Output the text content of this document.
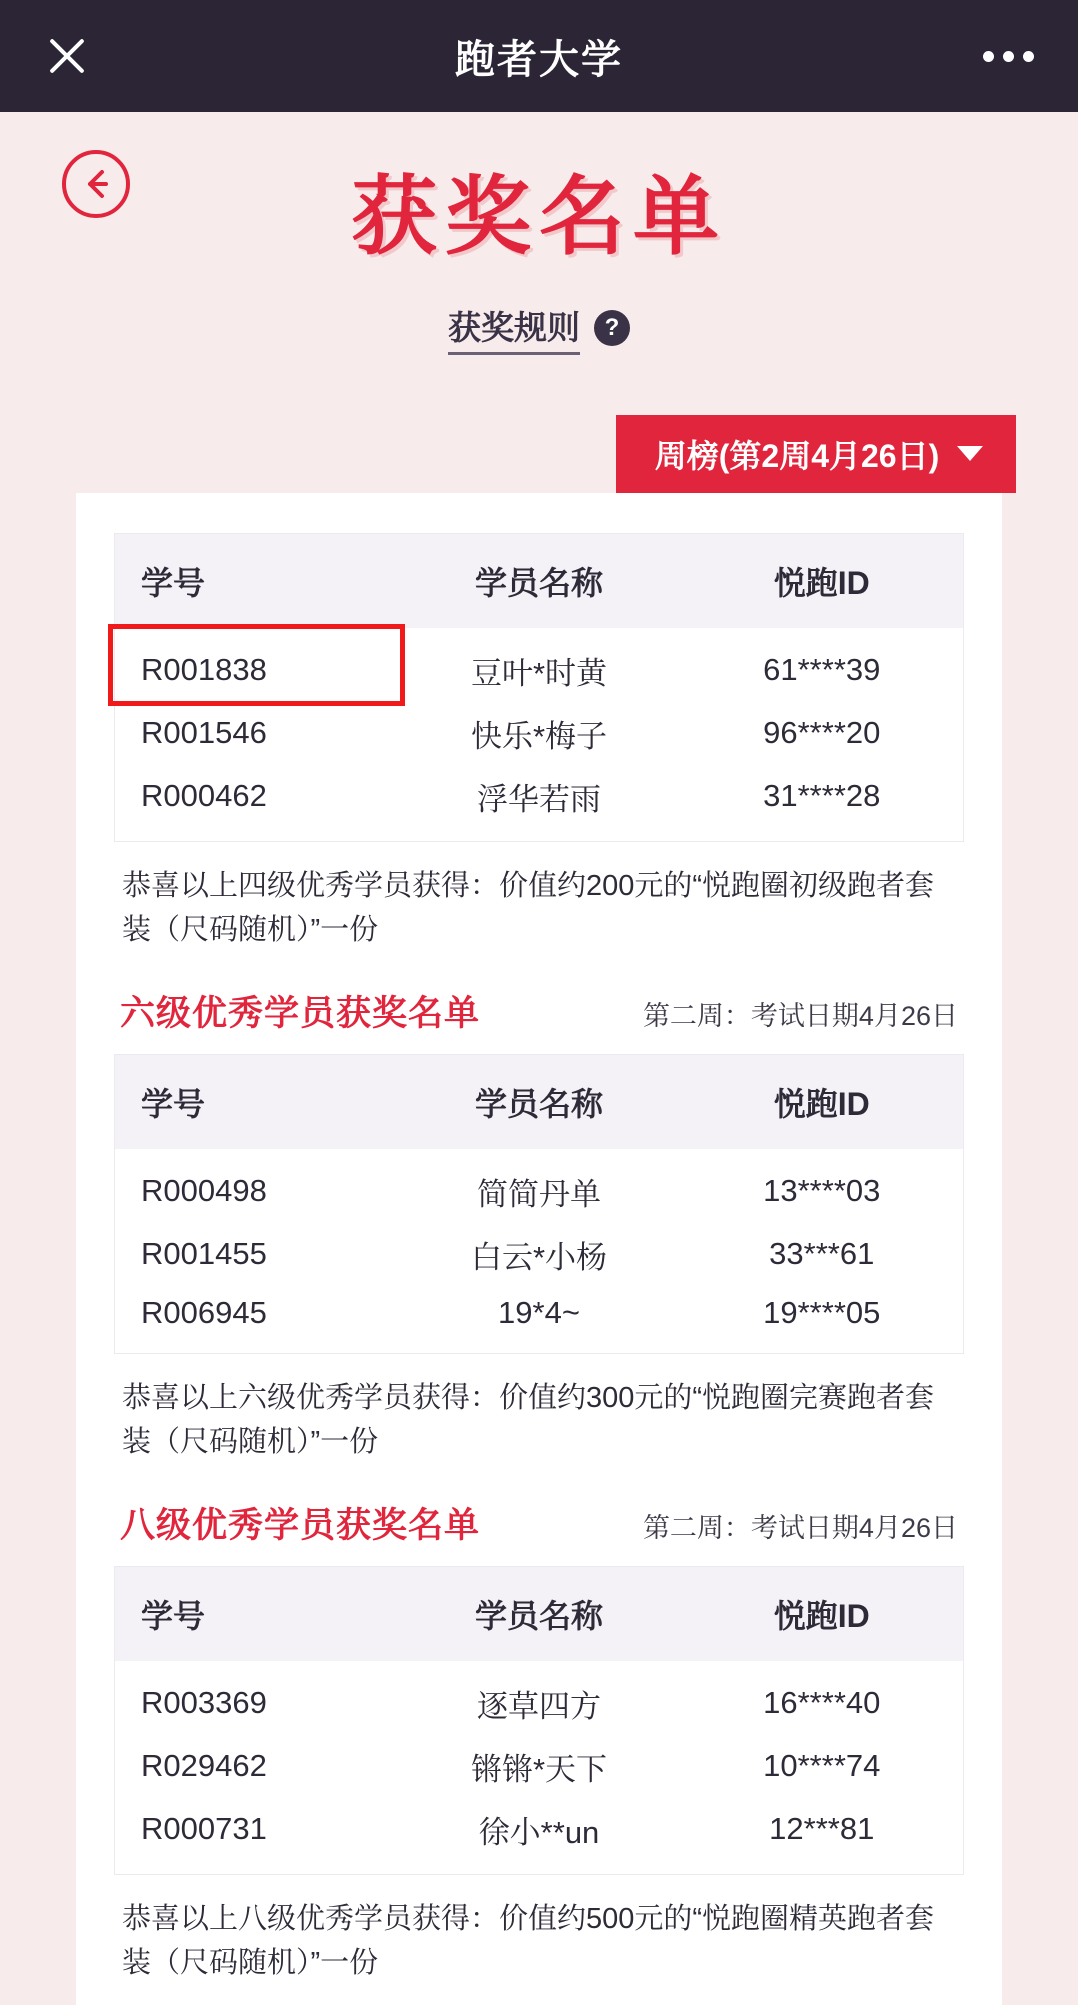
跑者大学
获奖名单
获奖规则	?
周榜(第2周4月26日)
学号	学员名称	悦跑ID
R001838	豆叶*时黄	61****39
R001546	快乐*梅子	96****20
R000462	浮华若雨	31****28
恭喜以上四级优秀学员获得：价值约200元的“悦跑圈初级跑者套装（尺码随机）”一份
六级优秀学员获奖名单	第二周：考试日期4月26日
学号	学员名称	悦跑ID
R000498	简简丹单	13****03
R001455	白云*小杨	33***61
R006945	19*4~	19****05
恭喜以上六级优秀学员获得：价值约300元的“悦跑圈完赛跑者套装（尺码随机）”一份
八级优秀学员获奖名单	第二周：考试日期4月26日
学号	学员名称	悦跑ID
R003369	逐草四方	16****40
R029462	锵锵*天下	10****74
R000731	徐小**un	12***81
恭喜以上八级优秀学员获得：价值约500元的“悦跑圈精英跑者套装（尺码随机）”一份
